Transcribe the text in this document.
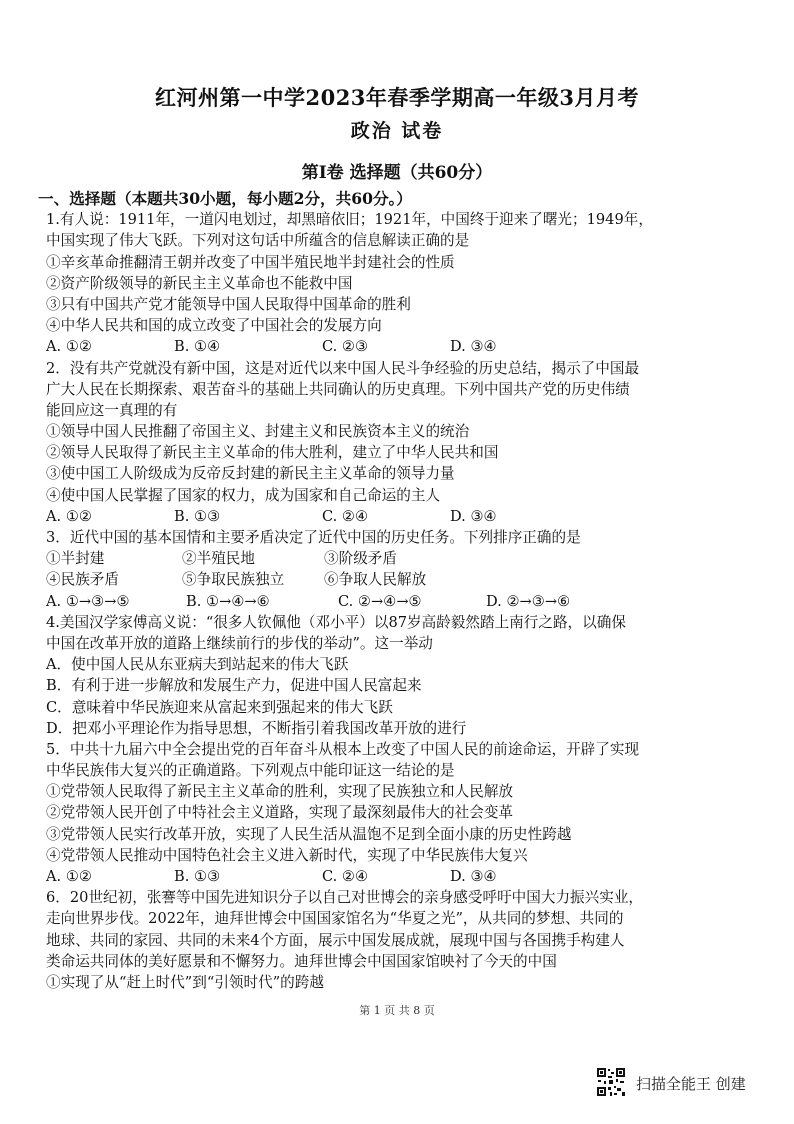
红河州第一中学2023年春季学期高一年级3月月考
政治 试卷
第Ⅰ卷 选择题（共60分）
一、选择题（本题共30小题，每小题2分，共60分。）
1.有人说：1911年，一道闪电划过，却黑暗依旧；1921年，中国终于迎来了曙光；1949年，
中国实现了伟大飞跃。下列对这句话中所蕴含的信息解读正确的是
①辛亥革命推翻清王朝并改变了中国半殖民地半封建社会的性质
②资产阶级领导的新民主主义革命也不能救中国
③只有中国共产党才能领导中国人民取得中国革命的胜利
④中华人民共和国的成立改变了中国社会的发展方向
A. ①②	B. ①④	C. ②③	D. ③④
2．没有共产党就没有新中国，这是对近代以来中国人民斗争经验的历史总结，揭示了中国最
广大人民在长期探索、艰苦奋斗的基础上共同确认的历史真理。下列中国共产党的历史伟绩
能回应这一真理的有
①领导中国人民推翻了帝国主义、封建主义和民族资本主义的统治
②领导人民取得了新民主主义革命的伟大胜利，建立了中华人民共和国
③使中国工人阶级成为反帝反封建的新民主主义革命的领导力量
④使中国人民掌握了国家的权力，成为国家和自己命运的主人
A. ①②	B. ①③	C. ②④	D. ③④
3．近代中国的基本国情和主要矛盾决定了近代中国的历史任务。下列排序正确的是
①半封建	②半殖民地	③阶级矛盾
④民族矛盾	⑤争取民族独立	⑥争取人民解放
A. ①→③→⑤	B. ①→④→⑥	C. ②→④→⑤	D. ②→③→⑥
4.美国汉学家傅高义说：“很多人钦佩他（邓小平）以87岁高龄毅然踏上南行之路，以确保
中国在改革开放的道路上继续前行的步伐的举动”。这一举动
A．使中国人民从东亚病夫到站起来的伟大飞跃
B．有利于进一步解放和发展生产力，促进中国人民富起来
C．意味着中华民族迎来从富起来到强起来的伟大飞跃
D．把邓小平理论作为指导思想，不断指引着我国改革开放的进行
5．中共十九届六中全会提出党的百年奋斗从根本上改变了中国人民的前途命运，开辟了实现
中华民族伟大复兴的正确道路。下列观点中能印证这一结论的是
①党带领人民取得了新民主主义革命的胜利，实现了民族独立和人民解放
②党带领人民开创了中特社会主义道路，实现了最深刻最伟大的社会变革
③党带领人民实行改革开放，实现了人民生活从温饱不足到全面小康的历史性跨越
④党带领人民推动中国特色社会主义进入新时代，实现了中华民族伟大复兴
A. ①②	B. ①③	C. ②④	D. ③④
6．20世纪初，张謇等中国先进知识分子以自己对世博会的亲身感受呼吁中国大力振兴实业，
走向世界步伐。2022年，迪拜世博会中国国家馆名为“华夏之光”，从共同的梦想、共同的
地球、共同的家园、共同的未来4个方面，展示中国发展成就，展现中国与各国携手构建人
类命运共同体的美好愿景和不懈努力。迪拜世博会中国国家馆映衬了今天的中国
①实现了从“赶上时代”到“引领时代”的跨越
第 1 页 共 8 页
扫描全能王 创建
